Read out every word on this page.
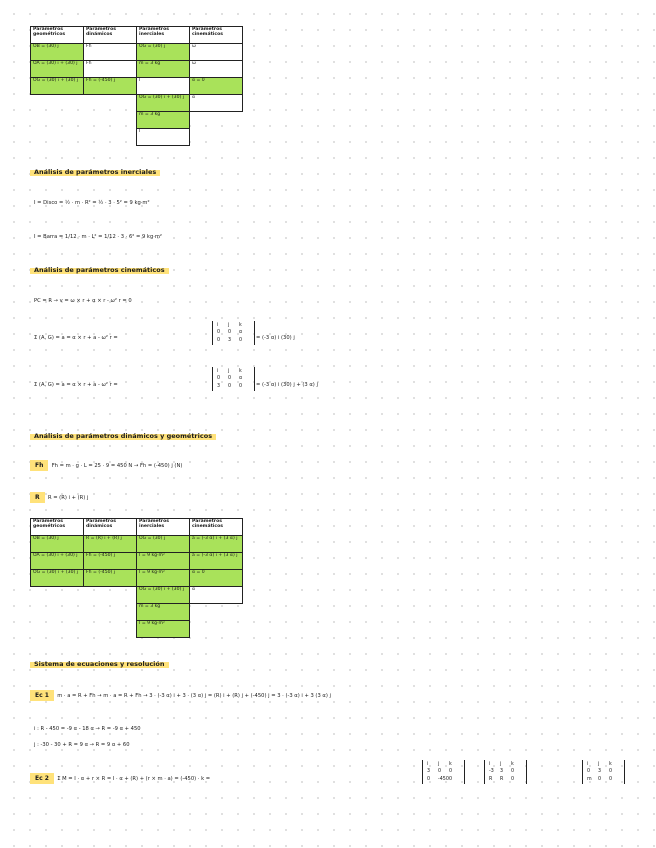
Parámetros geométricos	Parámetros dinámicos	Parámetros inerciales	Parámetros cinemáticos
OB = (30) j	Fh	OG = (30) j	ω
OA = (30) i + (30) j	Fh	m = 3 kg	ω
OG = (30) i + (30) j	Fh = (-450) j	I	α = 0
		OG = (30) i + (30) j	α
		m = 3 kg	
		I	
Análisis de parámetros inerciales
I = Disco = ½ · m · R² = ½ · 3 · 5² = 9 kg·m²
I = Barra = 1/12 · m · L² = 1/12 · 3 · 6² = 9 kg·m²
Análisis de parámetros cinemáticos
PC = R → v = ω × r + α × r - ω² r = 0
Σ (A, G) = a = α × r + a - ω² r =
i j k
0 0 α
0 3 0	= (-3 α) i (30) j
Σ (A, G) = a = α × r + a - ω² r =
i j k
0 0 α
3 0 0	= (-3 α) i (30) j + (3 α) j
Análisis de parámetros dinámicos y geométricos
Fh Fh = m · g · L = 25 · 9 = 450 N → Fh = (-450) j (N)
R R = (R) i + (R) j
Parámetros geométricos	Parámetros dinámicos	Parámetros inerciales	Parámetros cinemáticos
OB = (30) j	R = (R) i + (R) j	OG = (30) j	a = (-3 α) i + (3 α) j
OA = (30) i + (30) j	Fh = (-450) j	I = 9 kg·m²	a = (-3 α) i + (3 α) j
OG = (30) i + (30) j	Fh = (-450) j	I = 9 kg·m²	α = 0
		OG = (30) i + (30) j	α
		m = 3 kg	
		I = 9 kg·m²	
Sistema de ecuaciones y resolución
Ec 1 m · a = R + Fh → m · a = R + Fh → 3 · (-3 α) i + 3 · (3 α) j = (R) i + (R) j + (-450) j = 3 · (-3 α) i + 3 (3 α) j
i : R - 450 = -9 α - 18 α → R = -9 α + 450
j : -30 - 30 + R = 9 α → R = 9 α + 60
Ec 2 Σ M = I · α + r × R = I · α + (R) + (r × m · a) = (-450) · k =
i j k
3 0 0
0 -4500
i j k
-3 3 0
R R 0
i j k
0 3 0
m 0 0
